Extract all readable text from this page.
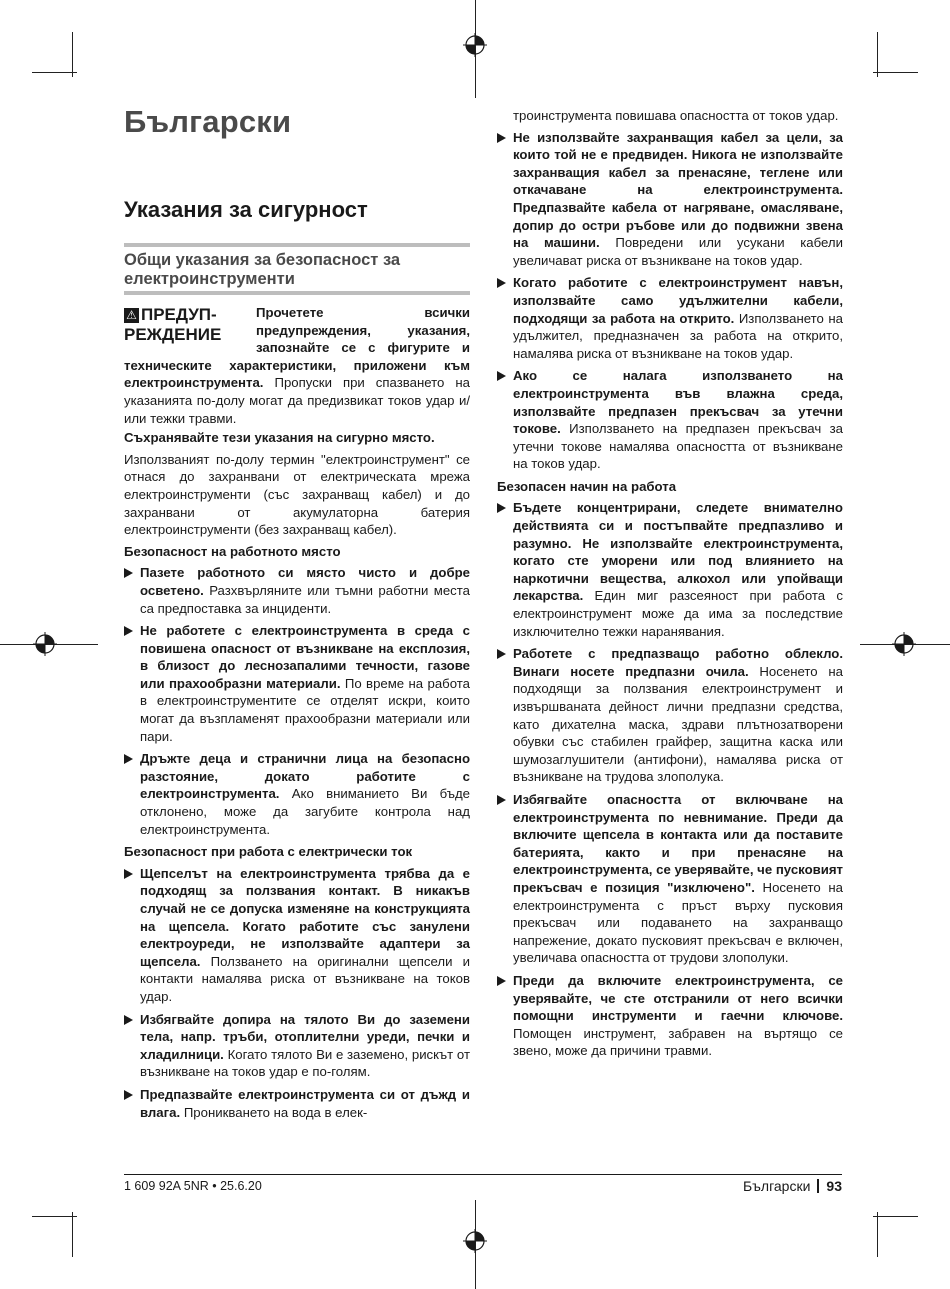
Български
Указания за сигурност
Общи указания за безопасност за електроинструменти
⚠ ПРЕДУП-РЕЖДЕНИЕ
Прочетете всички предупреждения, указания, запознайте се с фигурите и техническите характеристики, приложени към електроинструмента. Пропуски при спазването на указанията по-долу могат да предизвикат токов удар и/или тежки травми.

Съхранявайте тези указания на сигурно място.

Използваният по-долу термин "електроинструмент" се отнася до захранвани от електрическата мрежа електроинструменти (със захранващ кабел) и до захранвани от акумулаторна батерия електроинструменти (без захранващ кабел).

Безопасност на работното място

Пазете работното си място чисто и добре осветено. Разхвърляните или тъмни работни места са предпоставка за инциденти.
Не работете с електроинструмента в среда с повишена опасност от възникване на експлозия, в близост до леснозапалими течности, газове или прахообразни материали. По време на работа в електроинструментите се отделят искри, които могат да възпламенят прахообразни материали или пари.
Дръжте деца и странични лица на безопасно разстояние, докато работите с електроинструмента. Ако вниманието Ви бъде отклонено, може да загубите контрола над електроинструмента.

Безопасност при работа с електрически ток

Щепселът на електроинструмента трябва да е подходящ за ползвания контакт. В никакъв случай не се допуска изменяне на конструкцията на щепсела. Когато работите със занулени електроуреди, не използвайте адаптери за щепсела. Ползването на оригинални щепсели и контакти намалява риска от възникване на токов удар.
Избягвайте допира на тялото Ви до заземени тела, напр. тръби, отоплителни уреди, печки и хладилници. Когато тялото Ви е заземено, рискът от възникване на токов удар е по-голям.
Предпазвайте електроинструмента си от дъжд и влага. Проникването на вода в елек-

троинструмента повишава опасността от токов удар.

Не използвайте захранващия кабел за цели, за които той не е предвиден. Никога не използвайте захранващия кабел за пренасяне, теглене или откачаване на електроинструмента. Предпазвайте кабела от нагряване, омасляване, допир до остри ръбове или до подвижни звена на машини. Повредени или усукани кабели увеличават риска от възникване на токов удар.
Когато работите с електроинструмент навън, използвайте само удължителни кабели, подходящи за работа на открито. Използването на удължител, предназначен за работа на открито, намалява риска от възникване на токов удар.
Ако се налага използването на електроинструмента във влажна среда, използвайте предпазен прекъсвач за утечни токове. Използването на предпазен прекъсвач за утечни токове намалява опасността от възникване на токов удар.

Безопасен начин на работа

Бъдете концентрирани, следете внимателно действията си и постъпвайте предпазливо и разумно. Не използвайте електроинструмента, когато сте уморени или под влиянието на наркотични вещества, алкохол или упойващи лекарства. Един миг разсеяност при работа с електроинструмент може да има за последствие изключително тежки наранявания.
Работете с предпазващо работно облекло. Винаги носете предпазни очила. Носенето на подходящи за ползвания електроинструмент и извършваната дейност лични предпазни средства, като дихателна маска, здрави плътнозатворени обувки със стабилен грайфер, защитна каска или шумозаглушители (антифони), намалява риска от възникване на трудова злополука.
Избягвайте опасността от включване на електроинструмента по невнимание. Преди да включите щепсела в контакта или да поставите батерията, както и при пренасяне на електроинструмента, се уверявайте, че пусковият прекъсвач е позиция "изключено". Носенето на електроинструмента с пръст върху пусковия прекъсвач или подаването на захранващо напрежение, докато пусковият прекъсвач е включен, увеличава опасността от трудови злополуки.
Преди да включите електроинструмента, се уверявайте, че сте отстранили от него всички помощни инструменти и гаечни ключове. Помощен инструмент, забравен на въртящо се звено, може да причини травми.
1 609 92A 5NR • 25.6.20	Български 93
